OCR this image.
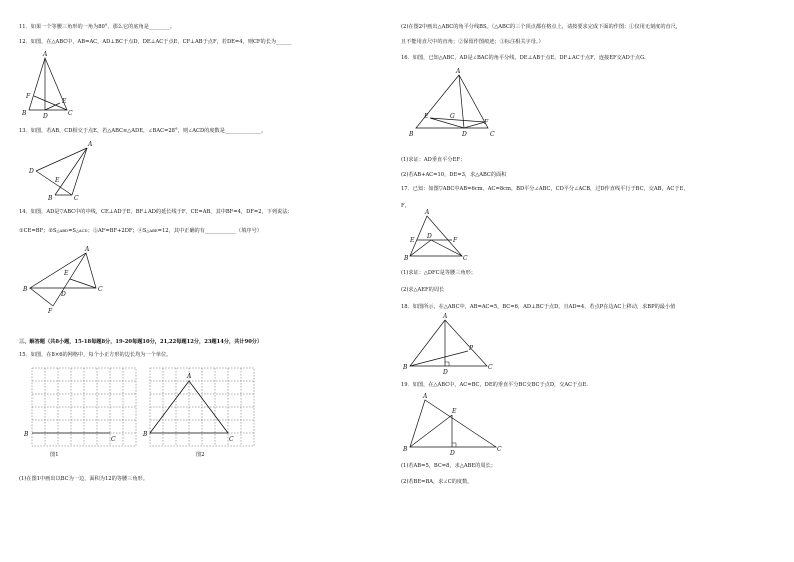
11．如果一个等腰三角形的一角为80°，那么它的底角是________。
12．如图，在△ABC中，AB=AC，AD⊥BC于点D，DE⊥AC于点E，CF⊥AB于点F，若DE=4，则CF的长为______
13．如图，若AB，CD相交于点E，若△ABC≌△ADE，∠BAC=28°，则∠ACD的度数是______________。
14．如图，AD是▽ABC中的中线，CE⊥AD于E，BF⊥AD的延长线于F，CE=AB，其中BF=4，DF=2，下列说法：
①CE=BF；②S△ABD=S△ACD；③AF=BF+2DF；④S△ABE=12，其中正确的有____________（填序号）
三、解答题（共8小题，15-18每题8分，19-20每题10分，21,22每题12分，23题14分，共计90分）
15．如图，在8×6的网格中，每个小正方形的边长均为一个单位。
图1	图2
(1)在图1中画出以BC为一边，面积为12的等腰三角形。
(2)在图2中画出△ABC的角平分线BS。（△ABC的三个顶点都在格点上，请按要求完成下面的作图：①仅用无刻度的直尺，
且不能用直尺中的直角；②保留作图痕迹；③标注相关字母。）
16．如图，已知△ABC，AD是∠BAC的角平分线，DE⊥AB于点E，DF⊥AC于点F，连接EF交AD于点G.
(1)求证：AD垂直平分EF；
(2)若AB+AC=10，DE=3，求△ABC的面积
17．已知：如图▽ABC中AB=6cm，AC=8cm，BD平分∠ABC，CD平分∠ACB，过D作直线平行于BC，交AB，AC于E，
F，
(1)求证：△DFC是等腰三角形；
(2)求△AEF的周长
18．如图所示，在△ABC中，AB=AC=5，BC=6，AD⊥BC于点D，且AD=4，若点P在边AC上移动，求BP的最小值
19．如图，在△ABC中，AC=BC，DE的垂直平分BC交BC于点D，交AC于点E.
(1)若AB=5，BC=8，求△ABE的周长；
(2)若BE=BA，求∠C的度数。
A
B	C
D
E
F
A
B	C
D
E
A
B	C
D
E
F
B
C
A
B
C
A
B	C
D
E
F
G
A
B	C
D
E	F
A
B	C
D
P
A
B	C
D
E
